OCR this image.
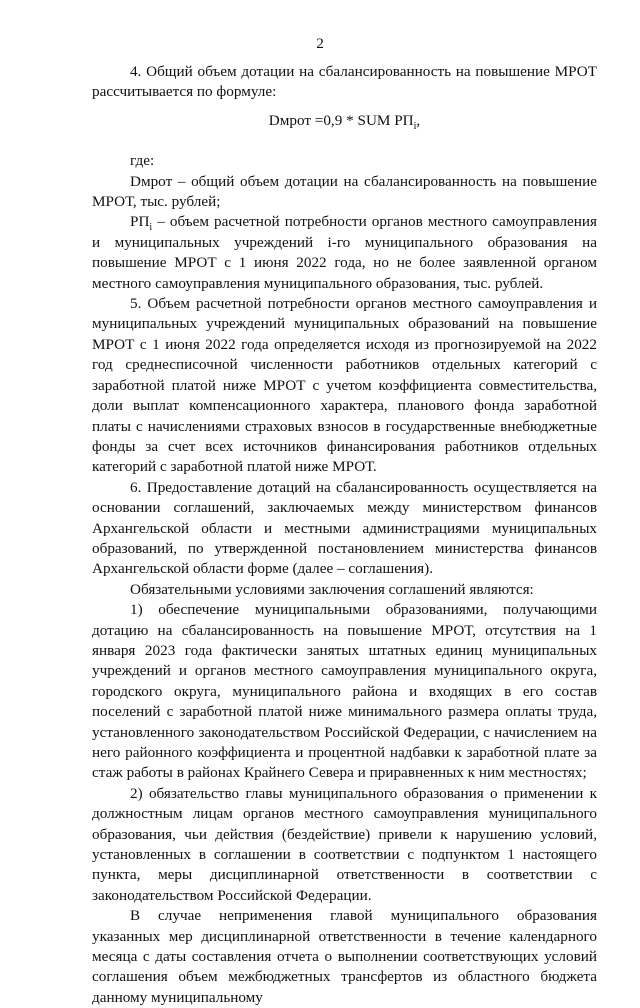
2

4. Общий объем дотации на сбалансированность на повышение МРОТ рассчитывается по формуле:

Dмрот =0,9 * SUM $РП_i$,

где:

Dмрот – общий объем дотации на сбалансированность на повышение МРОТ, тыс. рублей;

$РП_i$ – объем расчетной потребности органов местного самоуправления и муниципальных учреждений i-го муниципального образования на повышение МРОТ с 1 июня 2022 года, но не более заявленной органом местного самоуправления муниципального образования, тыс. рублей.

5. Объем расчетной потребности органов местного самоуправления и муниципальных учреждений муниципальных образований на повышение МРОТ с 1 июня 2022 года определяется исходя из прогнозируемой на 2022 год среднесписочной численности работников отдельных категорий с заработной платой ниже МРОТ с учетом коэффициента совместительства, доли выплат компенсационного характера, планового фонда заработной платы с начислениями страховых взносов в государственные внебюджетные фонды за счет всех источников финансирования работников отдельных категорий с заработной платой ниже МРОТ.

6. Предоставление дотаций на сбалансированность осуществляется на основании соглашений, заключаемых между министерством финансов Архангельской области и местными администрациями муниципальных образований, по утвержденной постановлением министерства финансов Архангельской области форме (далее – соглашения).

Обязательными условиями заключения соглашений являются:

1) обеспечение муниципальными образованиями, получающими дотацию на сбалансированность на повышение МРОТ, отсутствия на 1 января 2023 года фактически занятых штатных единиц муниципальных учреждений и органов местного самоуправления муниципального округа, городского округа, муниципального района и входящих в его состав поселений с заработной платой ниже минимального размера оплаты труда, установленного законодательством Российской Федерации, с начислением на него районного коэффициента и процентной надбавки к заработной плате за стаж работы в районах Крайнего Севера и приравненных к ним местностях;

2) обязательство главы муниципального образования о применении к должностным лицам органов местного самоуправления муниципального образования, чьи действия (бездействие) привели к нарушению условий, установленных в соглашении в соответствии с подпунктом 1 настоящего пункта, меры дисциплинарной ответственности в соответствии с законодательством Российской Федерации.

В случае неприменения главой муниципального образования указанных мер дисциплинарной ответственности в течение календарного месяца с даты составления отчета о выполнении соответствующих условий соглашения объем межбюджетных трансфертов из областного бюджета данному муниципальному
